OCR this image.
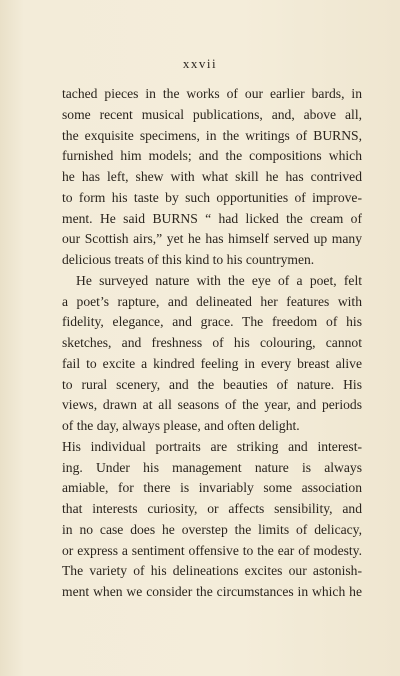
xxvii
tached pieces in the works of our earlier bards, in
some recent musical publications, and, above all,
the exquisite specimens, in the writings of BURNS,
furnished him models; and the compositions which
he has left, shew with what skill he has contrived
to form his taste by such opportunities of improve-
ment. He said BURNS “ had licked the cream of
our Scottish airs,” yet he has himself served up many
delicious treats of this kind to his countrymen.
He surveyed nature with the eye of a poet, felt
a poet’s rapture, and delineated her features with
fidelity, elegance, and grace. The freedom of his
sketches, and freshness of his colouring, cannot
fail to excite a kindred feeling in every breast alive
to rural scenery, and the beauties of nature. His
views, drawn at all seasons of the year, and periods
of the day, always please, and often delight.
His individual portraits are striking and interest-
ing. Under his management nature is always
amiable, for there is invariably some association
that interests curiosity, or affects sensibility, and
in no case does he overstep the limits of delicacy,
or express a sentiment offensive to the ear of modesty.
The variety of his delineations excites our astonish-
ment when we consider the circumstances in which he
